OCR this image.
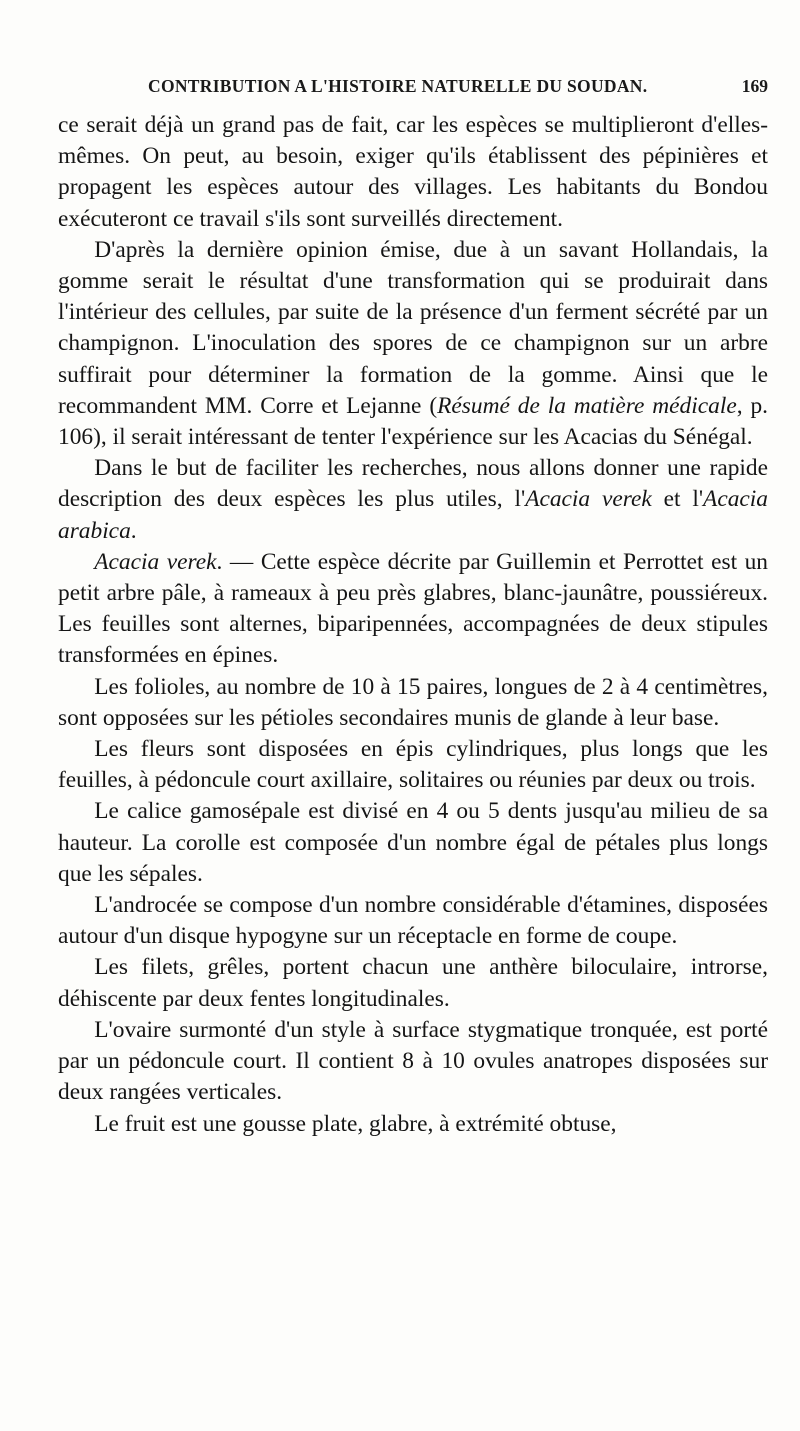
CONTRIBUTION A L'HISTOIRE NATURELLE DU SOUDAN.	169

ce serait déjà un grand pas de fait, car les espèces se multiplieront d'elles-mêmes. On peut, au besoin, exiger qu'ils établissent des pépinières et propagent les espèces autour des villages. Les habitants du Bondou exécuteront ce travail s'ils sont surveillés directement.

D'après la dernière opinion émise, due à un savant Hollandais, la gomme serait le résultat d'une transformation qui se produirait dans l'intérieur des cellules, par suite de la présence d'un ferment sécrété par un champignon. L'inoculation des spores de ce champignon sur un arbre suffirait pour déterminer la formation de la gomme. Ainsi que le recommandent MM. Corre et Lejanne (Résumé de la matière médicale, p. 106), il serait intéressant de tenter l'expérience sur les Acacias du Sénégal.

Dans le but de faciliter les recherches, nous allons donner une rapide description des deux espèces les plus utiles, l'Acacia verek et l'Acacia arabica.

Acacia verek. — Cette espèce décrite par Guillemin et Perrottet est un petit arbre pâle, à rameaux à peu près glabres, blanc-jaunâtre, poussiéreux. Les feuilles sont alternes, biparipennées, accompagnées de deux stipules transformées en épines.

Les folioles, au nombre de 10 à 15 paires, longues de 2 à 4 centimètres, sont opposées sur les pétioles secondaires munis de glande à leur base.

Les fleurs sont disposées en épis cylindriques, plus longs que les feuilles, à pédoncule court axillaire, solitaires ou réunies par deux ou trois.

Le calice gamosépale est divisé en 4 ou 5 dents jusqu'au milieu de sa hauteur. La corolle est composée d'un nombre égal de pétales plus longs que les sépales.

L'androcée se compose d'un nombre considérable d'étamines, disposées autour d'un disque hypogyne sur un réceptacle en forme de coupe.

Les filets, grêles, portent chacun une anthère biloculaire, introrse, déhiscente par deux fentes longitudinales.

L'ovaire surmonté d'un style à surface stygmatique tronquée, est porté par un pédoncule court. Il contient 8 à 10 ovules anatropes disposées sur deux rangées verticales.

Le fruit est une gousse plate, glabre, à extrémité obtuse,
